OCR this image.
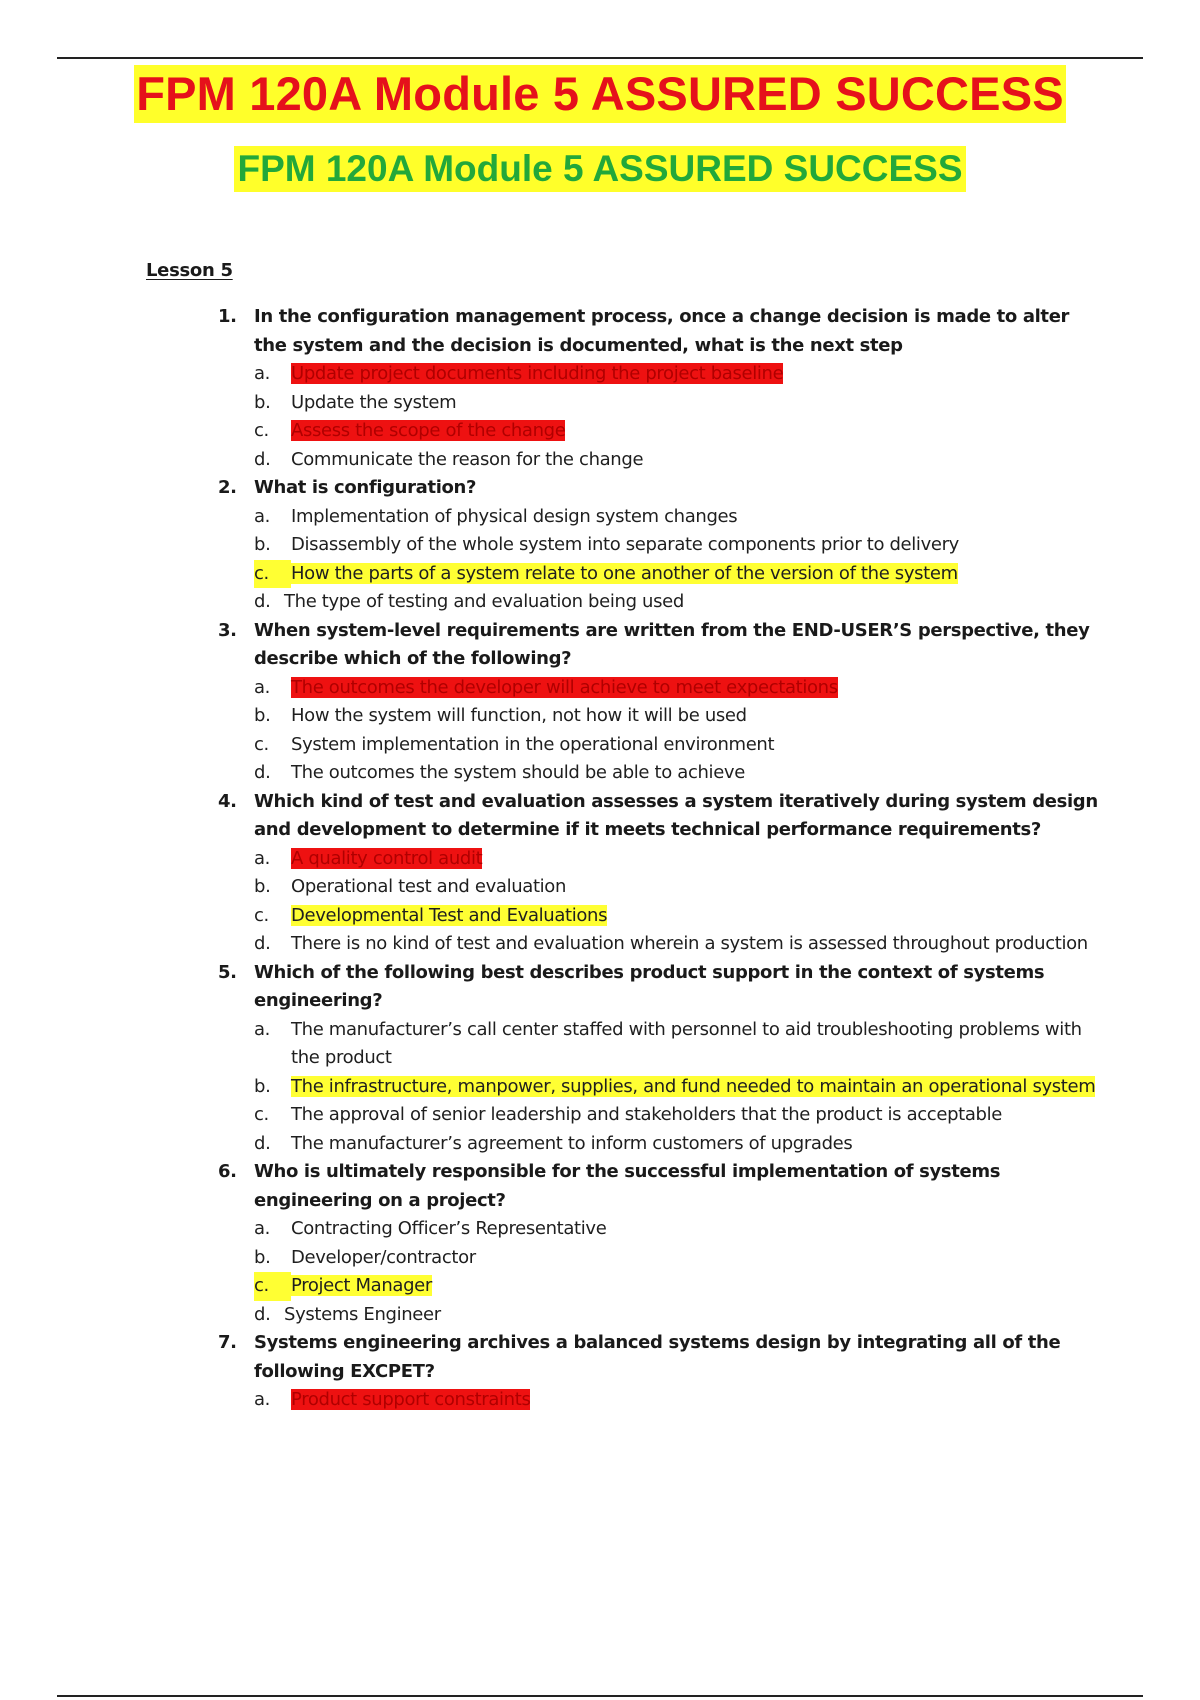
FPM 120A Module 5 ASSURED SUCCESS
FPM 120A Module 5 ASSURED SUCCESS

Lesson 5

1. In the configuration management process, once a change decision is made to alter the system and the decision is documented, what is the next step
a.	Update project documents including the project baseline
b.	Update the system
c.	Assess the scope of the change
d.	Communicate the reason for the change
2. What is configuration?
a.	Implementation of physical design system changes
b.	Disassembly of the whole system into separate components prior to delivery
c.	How the parts of a system relate to one another of the version of the system
d. The type of testing and evaluation being used
3. When system-level requirements are written from the END-USER’S perspective, they describe which of the following?
a.	The outcomes the developer will achieve to meet expectations
b.	How the system will function, not how it will be used
c.	System implementation in the operational environment
d.	The outcomes the system should be able to achieve
4. Which kind of test and evaluation assesses a system iteratively during system design and development to determine if it meets technical performance requirements?
a.	A quality control audit
b.	Operational test and evaluation
c.	Developmental Test and Evaluations
d.	There is no kind of test and evaluation wherein a system is assessed throughout production
5. Which of the following best describes product support in the context of systems engineering?
a.	The manufacturer’s call center staffed with personnel to aid troubleshooting problems with the product
b.	The infrastructure, manpower, supplies, and fund needed to maintain an operational system
c.	The approval of senior leadership and stakeholders that the product is acceptable
d.	The manufacturer’s agreement to inform customers of upgrades
6. Who is ultimately responsible for the successful implementation of systems engineering on a project?
a.	Contracting Officer’s Representative
b.	Developer/contractor
c.	Project Manager
d. Systems Engineer
7. Systems engineering archives a balanced systems design by integrating all of the following EXCPET?
a.	Product support constraints
